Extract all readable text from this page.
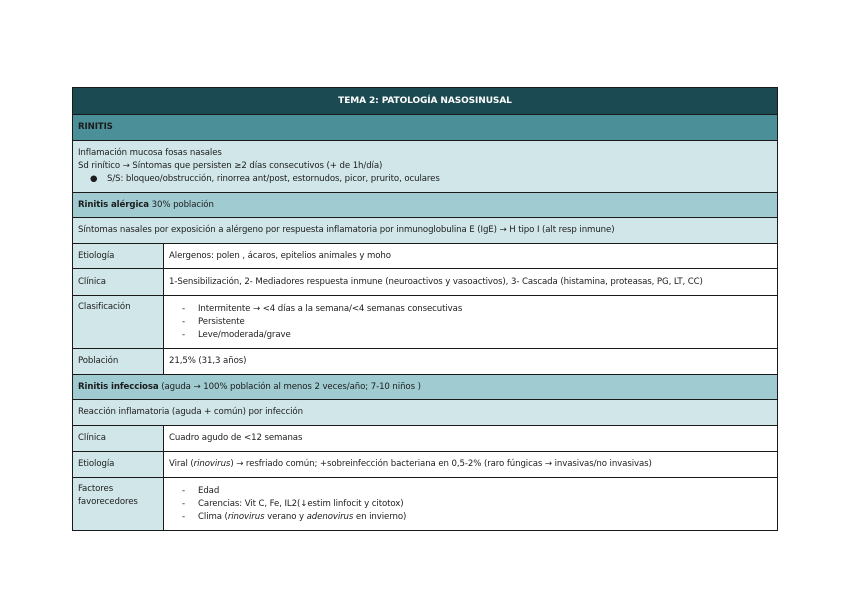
TEMA 2: PATOLOGÍA NASOSINUSAL	
RINITIS	

Inflamación mucosa fosas nasales
Sd rinítico → Síntomas que persisten ≥2 días consecutivos (+ de 1h/día)
● S/S: bloqueo/obstrucción, rinorrea ant/post, estornudos, picor, prurito, oculares	

Rinitis alérgica 30% población	
Síntomas nasales por exposición a alérgeno por respuesta inflamatoria por inmunoglobulina E (IgE) → H tipo I (alt resp inmune)	
Etiología	Alergenos: polen , ácaros, epitelios animales y moho
Clínica	1-Sensibilización, 2- Mediadores respuesta inmune (neuroactivos y vasoactivos), 3- Cascada (histamina, proteasas, PG, LT, CC)
Clasificación	- Intermitente → <4 días a la semana/<4 semanas consecutivas
- Persistente
- Leve/moderada/grave

Población	21,5% (31,3 años)
Rinitis infecciosa (aguda → 100% población al menos 2 veces/año; 7-10 niños )	
Reacción inflamatoria (aguda + común) por infección	
Clínica	Cuadro agudo de <12 semanas
Etiología	Viral (rinovirus) → resfriado común; +sobreinfección bacteriana en 0,5-2% (raro fúngicas → invasivas/no invasivas)

Factores
favorecedores	- Edad
- Carencias: Vit C, Fe, IL2(↓estim linfocit y citotox)
- Clima (rinovirus verano y adenovirus en invierno)
